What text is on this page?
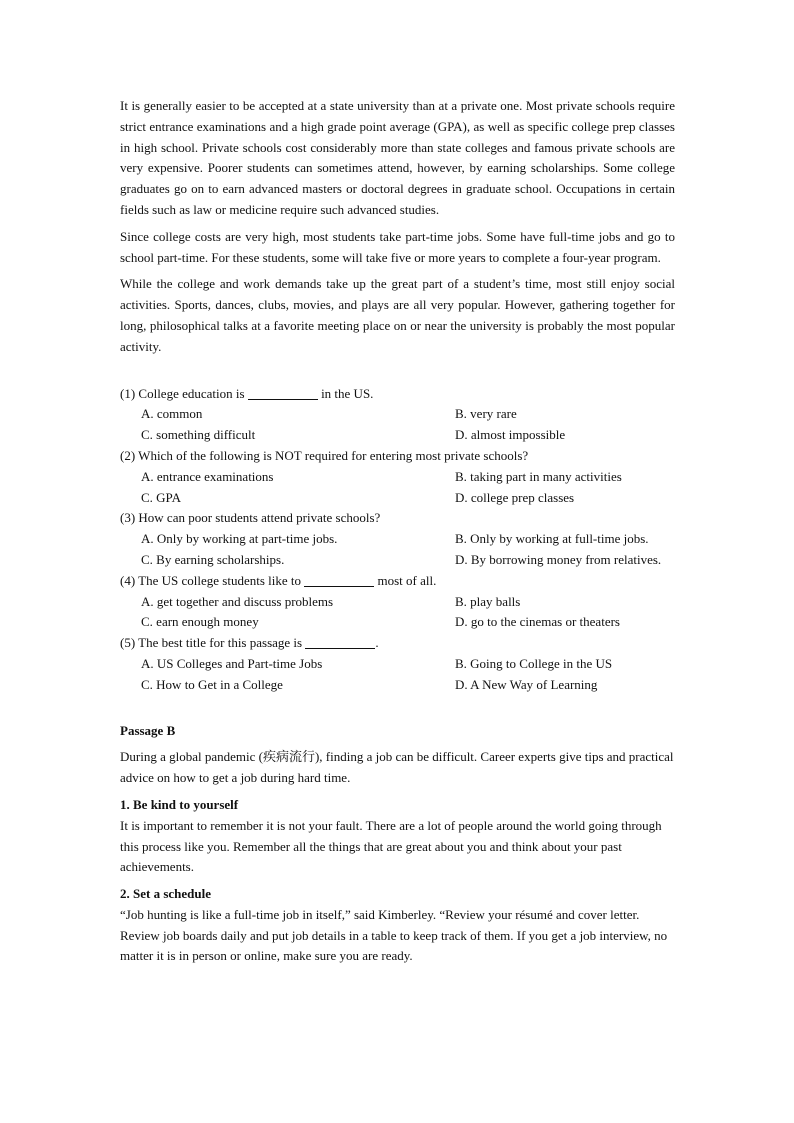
It is generally easier to be accepted at a state university than at a private one. Most private schools require strict entrance examinations and a high grade point average (GPA), as well as specific college prep classes in high school. Private schools cost considerably more than state colleges and famous private schools are very expensive. Poorer students can sometimes attend, however, by earning scholarships. Some college graduates go on to earn advanced masters or doctoral degrees in graduate school. Occupations in certain fields such as law or medicine require such advanced studies.

Since college costs are very high, most students take part-time jobs. Some have full-time jobs and go to school part-time. For these students, some will take five or more years to complete a four-year program.

While the college and work demands take up the great part of a student’s time, most still enjoy social activities. Sports, dances, clubs, movies, and plays are all very popular. However, gathering together for long, philosophical talks at a favorite meeting place on or near the university is probably the most popular activity.

(1) College education is	in the US.
A. common	B. very rare
C. something difficult	D. almost impossible
(2) Which of the following is NOT required for entering most private schools?
A. entrance examinations	B. taking part in many activities
C. GPA	D. college prep classes
(3) How can poor students attend private schools?
A. Only by working at part-time jobs.	B. Only by working at full-time jobs.
C. By earning scholarships.	D. By borrowing money from relatives.
(4) The US college students like to	most of all.
A. get together and discuss problems	B. play balls
C. earn enough money	D. go to the cinemas or theaters
(5) The best title for this passage is	.
A. US Colleges and Part-time Jobs	B. Going to College in the US
C. How to Get in a College	D. A New Way of Learning
Passage B

During a global pandemic (疾病流行), finding a job can be difficult. Career experts give tips and practical advice on how to get a job during hard time.

1. Be kind to yourself

It is important to remember it is not your fault. There are a lot of people around the world going through this process like you. Remember all the things that are great about you and think about your past achievements.

2. Set a schedule

“Job hunting is like a full-time job in itself,” said Kimberley. “Review your résumé and cover letter. Review job boards daily and put job details in a table to keep track of them. If you get a job interview, no matter it is in person or online, make sure you are ready.
